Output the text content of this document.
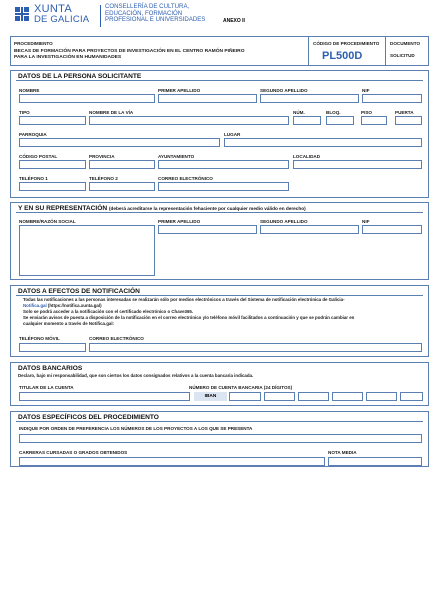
XUNTA
DE GALICIA
CONSELLERÍA DE CULTURA,
EDUCACIÓN, FORMACIÓN
PROFESIONAL E UNIVERSIDADES	ANEXO II
PROCEDIMIENTO
BECAS DE FORMACIÓN PARA PROYECTOS DE INVESTIGACIÓN EN EL CENTRO RAMÓN PIÑEIRO
PARA LA INVESTIGACIÓN EN HUMANIDADES
CÓDIGO DE PROCEDIMIENTO
PL500D
DOCUMENTO
SOLICITUD
DATOS DE LA PERSONA SOLICITANTE
NOMBRE	PRIMER APELLIDO	SEGUNDO APELLIDO	NIF
TIPO	NOMBRE DE LA VÍA	NÚM.	BLOQ.	PISO	PUERTA
PARROQUIA	LUGAR
CÓDIGO POSTAL	PROVINCIA	AYUNTAMIENTO	LOCALIDAD
TELÉFONO 1	TELÉFONO 2	CORREO ELECTRÓNICO
Y EN SU REPRESENTACIÓN (deberá acreditarse la representación fehaciente por cualquier medio válido en derecho)
NOMBRE/RAZÓN SOCIAL	PRIMER APELLIDO	SEGUNDO APELLIDO	NIF
DATOS A EFECTOS DE NOTIFICACIÓN
Todas las notificaciones a las personas interesadas se realizarán sólo por medios electrónicos a través del Sistema de notificación electrónica de Galicia-
Notifica.gal (https://notifica.xunta.gal)
Solo se podrá acceder a la notificación con el certificado electrónico o Chave365.
Se enviarán avisos de puesta a disposición de la notificación en el correo electrónico y/o teléfono móvil facilitados a continuación y que se podrán cambiar en
cualquier momento a través de Notifica.gal:
TELÉFONO MÓVIL	CORREO ELECTRÓNICO
DATOS BANCARIOS
Declaro, bajo mi responsabilidad, que son ciertos los datos consignados relativos a la cuenta bancaria indicada.
TITULAR DE LA CUENTA	NÚMERO DE CUENTA BANCARIA (24 DÍGITOS)
IBAN
DATOS ESPECÍFICOS DEL PROCEDIMIENTO
INDIQUE POR ORDEN DE PREFERENCIA LOS NÚMEROS DE LOS PROYECTOS A LOS QUE SE PRESENTA
CARRERAS CURSADAS O GRADOS OBTENIDOS	NOTA MEDIA
